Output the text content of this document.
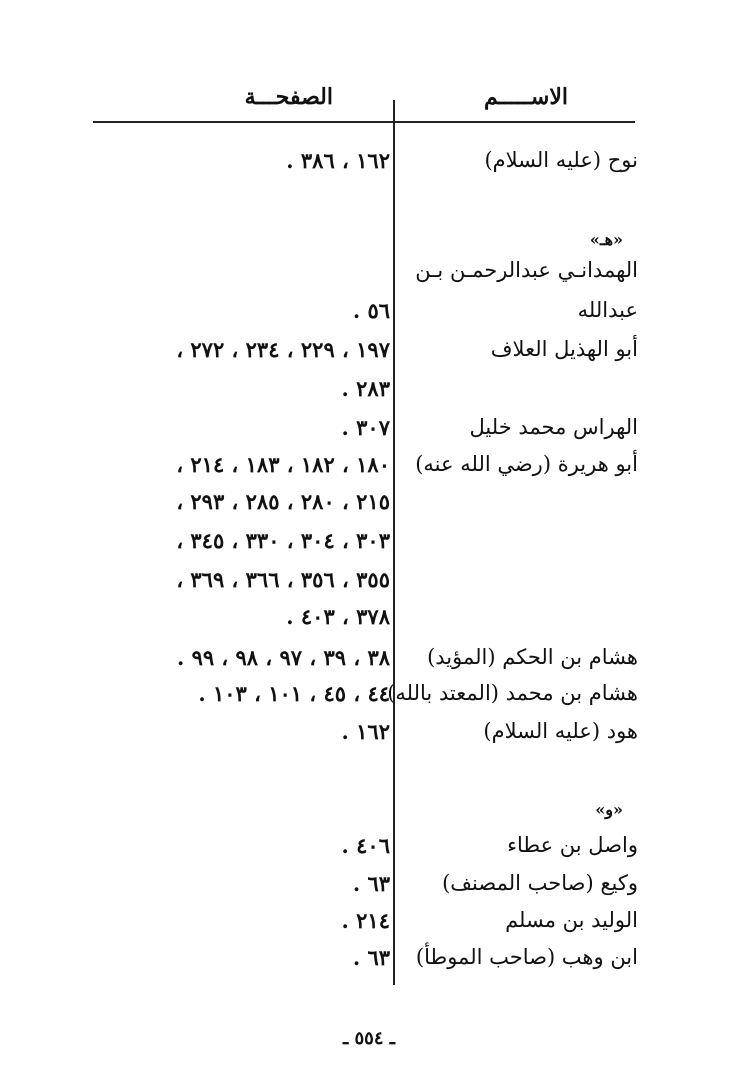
الاســـــم
الصفحـــة
نوح (عليه السلام)
١٦٢ ، ٣٨٦ .
«هـ»
الهمدانـي عبدالرحمـن بـن
عبدالله
٥٦ .
أبو الهذيل العلاف
١٩٧ ، ٢٢٩ ، ٢٣٤ ، ٢٧٢ ،
٢٨٣ .
الهراس محمد خليل
٣٠٧ .
أبو هريرة (رضي الله عنه)
١٨٠ ، ١٨٢ ، ١٨٣ ، ٢١٤ ،
٢١٥ ، ٢٨٠ ، ٢٨٥ ، ٢٩٣ ،
٣٠٣ ، ٣٠٤ ، ٣٣٠ ، ٣٤٥ ،
٣٥٥ ، ٣٥٦ ، ٣٦٦ ، ٣٦٩ ،
٣٧٨ ، ٤٠٣ .
هشام بن الحكم (المؤيد)
٣٨ ، ٣٩ ، ٩٧ ، ٩٨ ، ٩٩ .
هشام بن محمد (المعتد بالله)
٤٤ ، ٤٥ ، ١٠١ ، ١٠٣ .
هود (عليه السلام)
١٦٢ .
«و»
واصل بن عطاء
٤٠٦ .
وكيع (صاحب المصنف)
٦٣ .
الوليد بن مسلم
٢١٤ .
ابن وهب (صاحب الموطأ)
٦٣ .
ـ ٥٥٤ ـ
